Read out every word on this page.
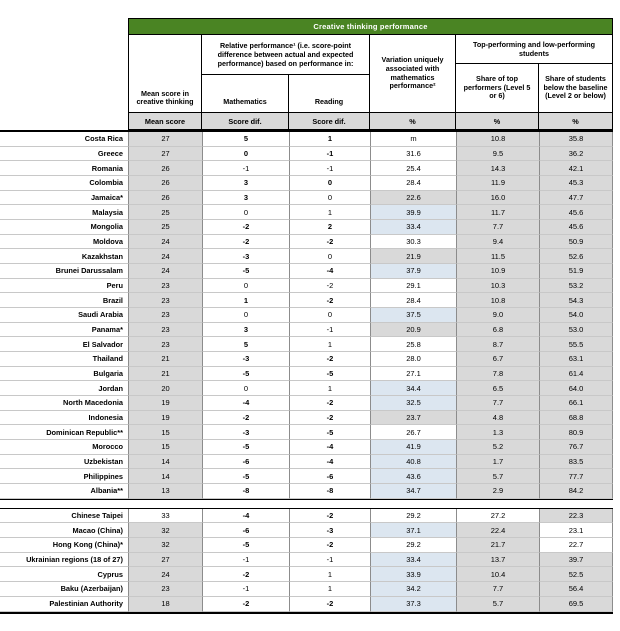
Creative thinking performance
Mean score in creative thinking
Relative performance¹ (i.e. score-point difference between actual and expected performance) based on performance in:
Mathematics	Reading
Variation uniquely associated with mathematics performance²
Top-performing and low-performing students
Share of top performers (Level 5 or 6)
Share of students below the baseline (Level 2 or below)
Mean score	Score dif.	Score dif.	%	%	%
Costa Rica	27	5	1	m	10.8	35.8
Greece	27	0	-1	31.6	9.5	36.2
Romania	26	-1	-1	25.4	14.3	42.1
Colombia	26	3	0	28.4	11.9	45.3
Jamaica*	26	3	0	22.6	16.0	47.7
Malaysia	25	0	1	39.9	11.7	45.6
Mongolia	25	-2	2	33.4	7.7	45.6
Moldova	24	-2	-2	30.3	9.4	50.9
Kazakhstan	24	-3	0	21.9	11.5	52.6
Brunei Darussalam	24	-5	-4	37.9	10.9	51.9
Peru	23	0	-2	29.1	10.3	53.2
Brazil	23	1	-2	28.4	10.8	54.3
Saudi Arabia	23	0	0	37.5	9.0	54.0
Panama*	23	3	-1	20.9	6.8	53.0
El Salvador	23	5	1	25.8	8.7	55.5
Thailand	21	-3	-2	28.0	6.7	63.1
Bulgaria	21	-5	-5	27.1	7.8	61.4
Jordan	20	0	1	34.4	6.5	64.0
North Macedonia	19	-4	-2	32.5	7.7	66.1
Indonesia	19	-2	-2	23.7	4.8	68.8
Dominican Republic**	15	-3	-5	26.7	1.3	80.9
Morocco	15	-5	-4	41.9	5.2	76.7
Uzbekistan	14	-6	-4	40.8	1.7	83.5
Philippines	14	-5	-6	43.6	5.7	77.7
Albania**	13	-8	-8	34.7	2.9	84.2
Chinese Taipei	33	-4	-2	29.2	27.2	22.3
Macao (China)	32	-6	-3	37.1	22.4	23.1
Hong Kong (China)*	32	-5	-2	29.2	21.7	22.7
Ukrainian regions (18 of 27)	27	-1	-1	33.4	13.7	39.7
Cyprus	24	-2	1	33.9	10.4	52.5
Baku (Azerbaijan)	23	-1	1	34.2	7.7	56.4
Palestinian Authority	18	-2	-2	37.3	5.7	69.5
